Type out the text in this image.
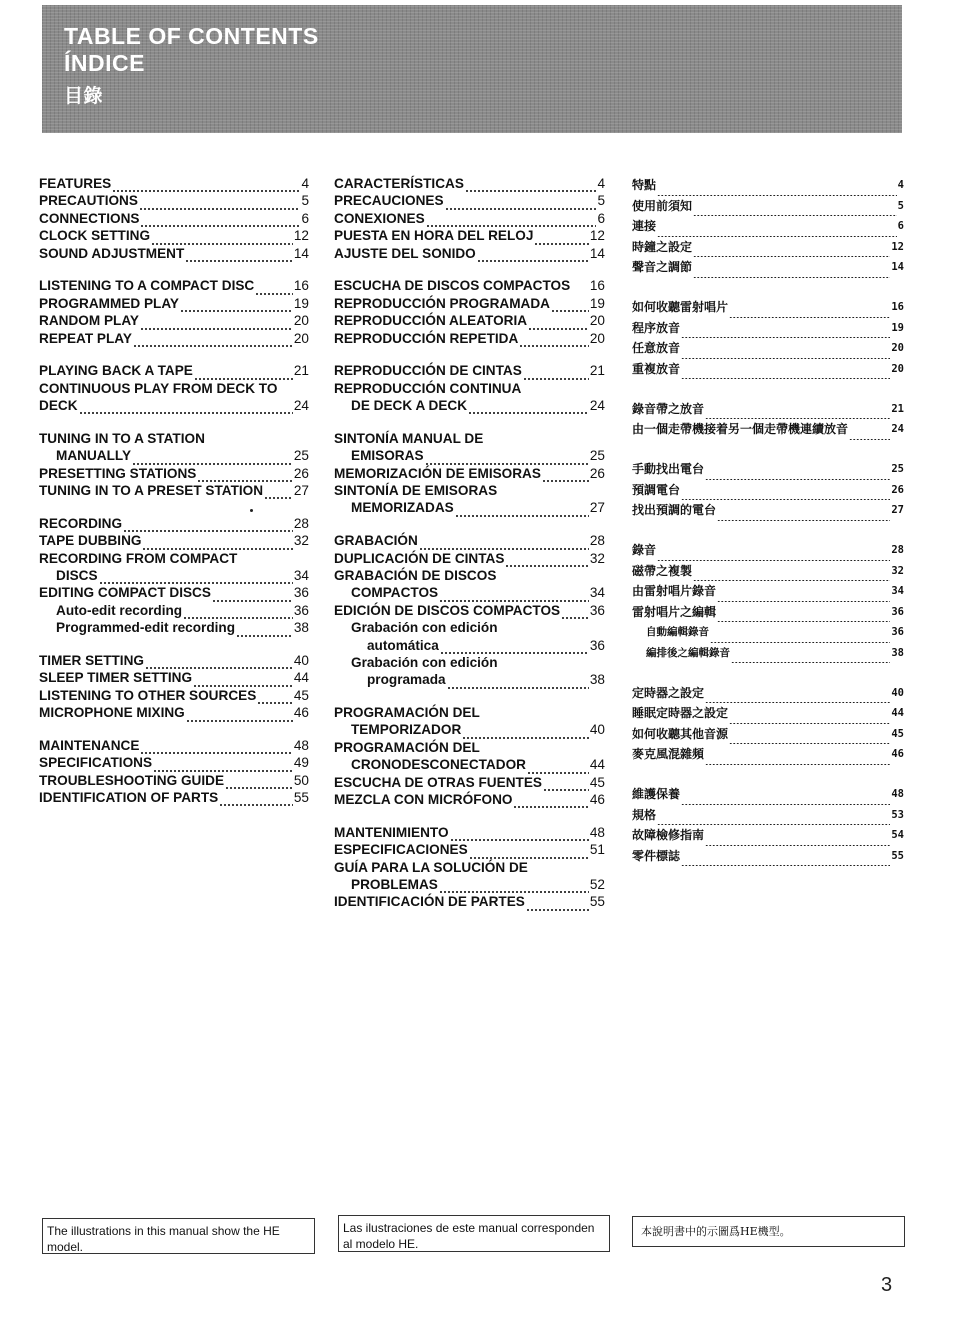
TABLE OF CONTENTS
ÍNDICE
目錄
FEATURES	4
PRECAUTIONS	5
CONNECTIONS	6
CLOCK SETTING	12
SOUND ADJUSTMENT	14
LISTENING TO A COMPACT DISC	16
PROGRAMMED PLAY	19
RANDOM PLAY	20
REPEAT PLAY	20
PLAYING BACK A TAPE	21
CONTINUOUS PLAY FROM DECK TO
DECK	24
TUNING IN TO A STATION
MANUALLY	25
PRESETTING STATIONS	26
TUNING IN TO A PRESET STATION 27
RECORDING	28
TAPE DUBBING	32
RECORDING FROM COMPACT
DISCS	34
EDITING COMPACT DISCS	36
Auto-edit recording	36
Programmed-edit recording	38
TIMER SETTING	40
SLEEP TIMER SETTING	44
LISTENING TO OTHER SOURCES	45
MICROPHONE MIXING	46
MAINTENANCE	48
SPECIFICATIONS	49
TROUBLESHOOTING GUIDE	50
IDENTIFICATION OF PARTS	55
CARACTERÍSTICAS	4
PRECAUCIONES	5
CONEXIONES	6
PUESTA EN HORA DEL RELOJ	12
AJUSTE DEL SONIDO	14
ESCUCHA DE DISCOS COMPACTOS 16
REPRODUCCIÓN PROGRAMADA	19
REPRODUCCIÓN ALEATORIA	20
REPRODUCCIÓN REPETIDA	20
REPRODUCCIÓN DE CINTAS	21
REPRODUCCIÓN CONTINUA
DE DECK A DECK	24
SINTONÍA MANUAL DE
EMISORAS	25
MEMORIZACIÓN DE EMISORAS	26
SINTONÍA DE EMISORAS
MEMORIZADAS	27
GRABACIÓN	28
DUPLICACIÓN DE CINTAS	32
GRABACIÓN DE DISCOS
COMPACTOS	34
EDICIÓN DE DISCOS COMPACTOS 36
Grabación con edición
automática	36
Grabación con edición
programada	38
PROGRAMACIÓN DEL
TEMPORIZADOR	40
PROGRAMACIÓN DEL
CRONODESCONECTADOR	44
ESCUCHA DE OTRAS FUENTES	45
MEZCLA CON MICRÓFONO	46
MANTENIMIENTO	48
ESPECIFICACIONES	51
GUÍA PARA LA SOLUCIÓN DE
PROBLEMAS	52
IDENTIFICACIÓN DE PARTES	55
特點	4
使用前須知	5
連接	6
時鐘之設定	12
聲音之調節	14
如何收聽雷射唱片	16
程序放音	19
任意放音	20
重複放音	20
錄音帶之放音	21
由一個走帶機接着另一個走帶機連續放音	24
手動找出電台	25
預調電台	26
找出預調的電台	27
錄音	28
磁帶之複製	32
由雷射唱片錄音	34
雷射唱片之編輯	36
自動編輯錄音	36
編排後之編輯錄音	38
定時器之設定	40
睡眠定時器之設定	44
如何收聽其他音源	45
麥克風混雜頻	46
維護保養	48
規格	53
故障檢修指南	54
零件標誌	55
The illustrations in this manual show the HE model.
Las ilustraciones de este manual corresponden al modelo HE.
本說明書中的示圖爲HE機型。
3
